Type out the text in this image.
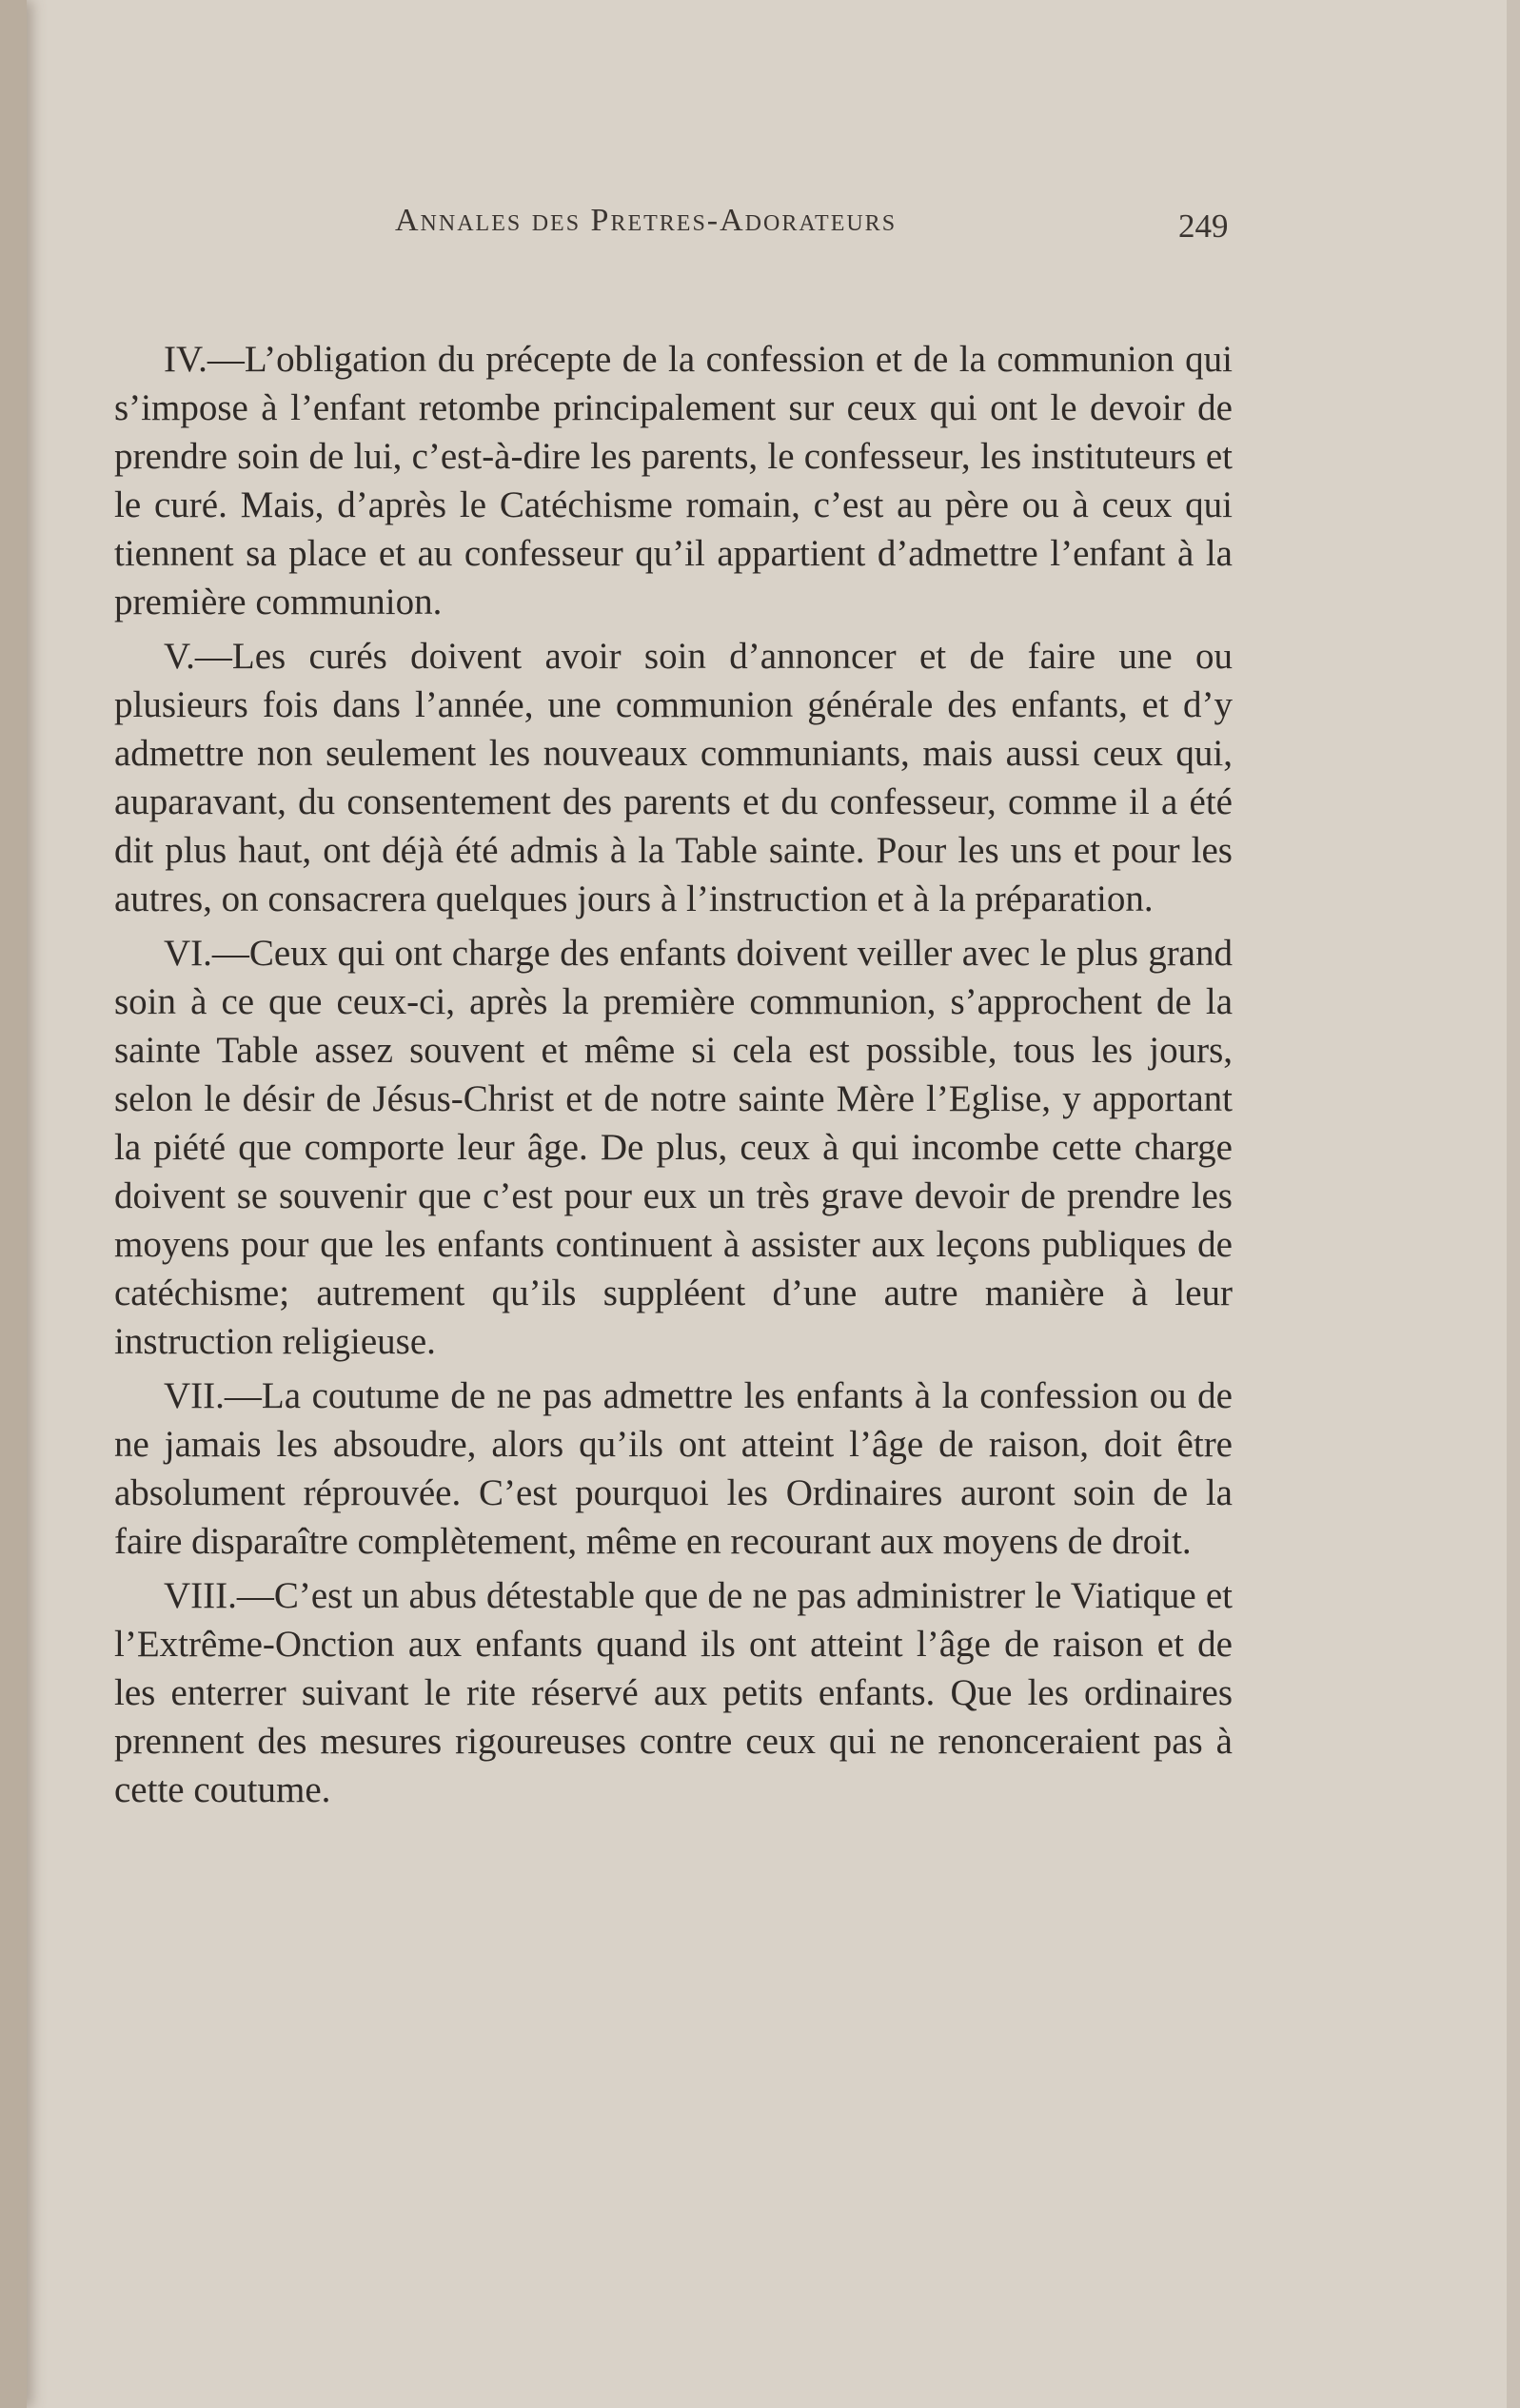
Annales des Pretres-Adorateurs	249

IV.—L’obligation du précepte de la confession et de la communion qui s’impose à l’enfant retombe principalement sur ceux qui ont le devoir de prendre soin de lui, c’est-à-dire les parents, le confesseur, les instituteurs et le curé. Mais, d’après le Catéchisme romain, c’est au père ou à ceux qui tiennent sa place et au confesseur qu’il appartient d’admettre l’enfant à la première communion.

V.—Les curés doivent avoir soin d’annoncer et de faire une ou plusieurs fois dans l’année, une communion générale des enfants, et d’y admettre non seulement les nouveaux communiants, mais aussi ceux qui, auparavant, du consentement des parents et du confesseur, comme il a été dit plus haut, ont déjà été admis à la Table sainte. Pour les uns et pour les autres, on consacrera quelques jours à l’instruction et à la préparation.

VI.—Ceux qui ont charge des enfants doivent veiller avec le plus grand soin à ce que ceux-ci, après la première communion, s’approchent de la sainte Table assez souvent et même si cela est possible, tous les jours, selon le désir de Jésus-Christ et de notre sainte Mère l’Eglise, y apportant la piété que comporte leur âge. De plus, ceux à qui incombe cette charge doivent se souvenir que c’est pour eux un très grave devoir de prendre les moyens pour que les enfants continuent à assister aux leçons publiques de catéchisme; autrement qu’ils suppléent d’une autre manière à leur instruction religieuse.

VII.—La coutume de ne pas admettre les enfants à la confession ou de ne jamais les absoudre, alors qu’ils ont atteint l’âge de raison, doit être absolument réprouvée. C’est pourquoi les Ordinaires auront soin de la faire disparaître complètement, même en recourant aux moyens de droit.

VIII.—C’est un abus détestable que de ne pas administrer le Viatique et l’Extrême-Onction aux enfants quand ils ont atteint l’âge de raison et de les enterrer suivant le rite réservé aux petits enfants. Que les ordinaires prennent des mesures rigoureuses contre ceux qui ne renonceraient pas à cette coutume.
